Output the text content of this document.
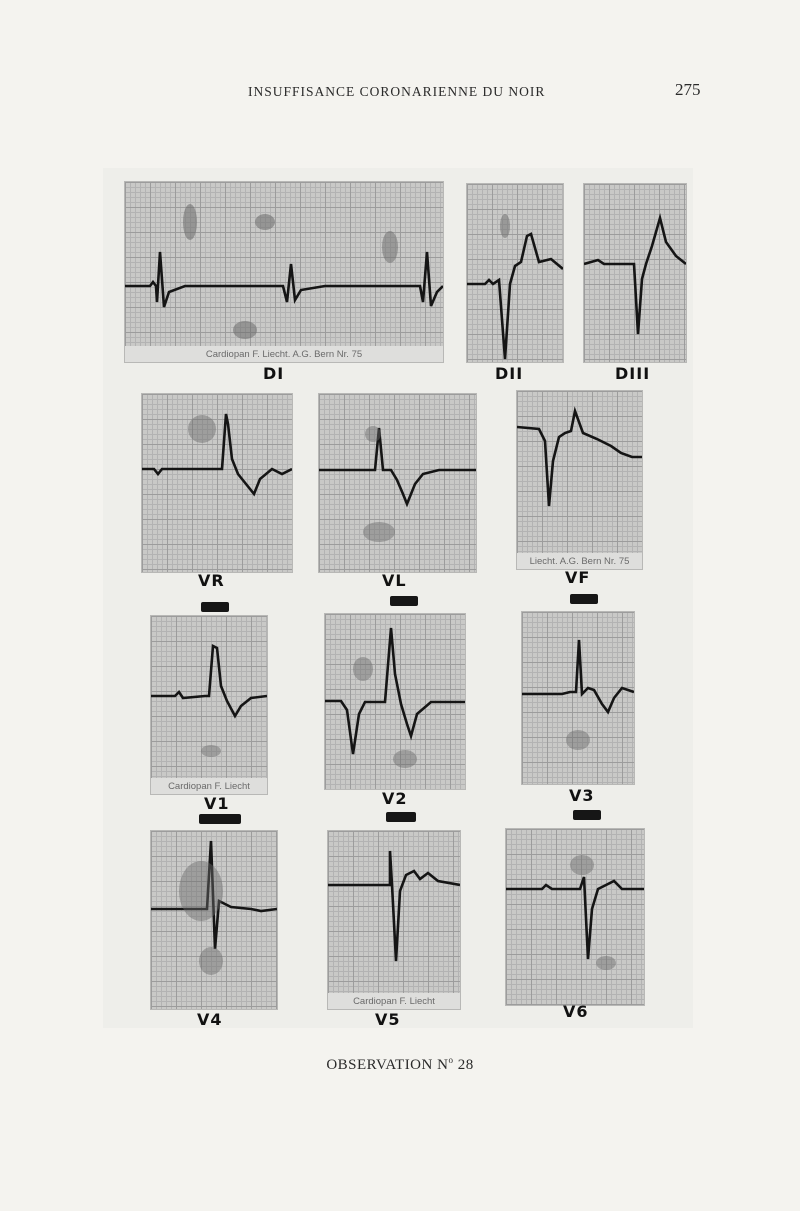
INSUFFISANCE CORONARIENNE DU NOIR	275
Cardiopan F. Liecht. A.G. Bern Nr. 75
DI	DII	DIII
VR	VL
Liecht. A.G. Bern Nr. 75
VF
Cardiopan F. Liecht
V1	V2	V3
V4
Cardiopan F. Liecht
V5	V6
OBSERVATION $N^o$ 28
